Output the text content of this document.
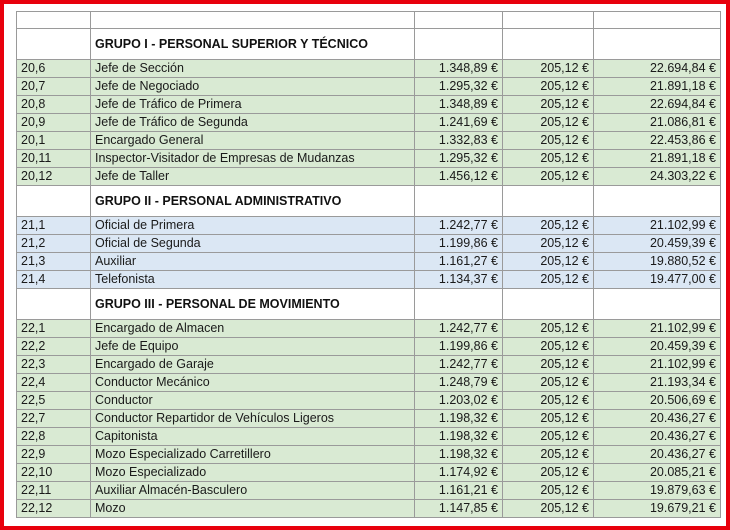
	GRUPO I - PERSONAL SUPERIOR Y TÉCNICO			
20,6	Jefe de Sección	1.348,89 €	205,12 €	22.694,84 €
20,7	Jefe de Negociado	1.295,32 €	205,12 €	21.891,18 €
20,8	Jefe de Tráfico de Primera	1.348,89 €	205,12 €	22.694,84 €
20,9	Jefe de Tráfico de Segunda	1.241,69 €	205,12 €	21.086,81 €
20,1	Encargado General	1.332,83 €	205,12 €	22.453,86 €
20,11	Inspector-Visitador de Empresas de Mudanzas	1.295,32 €	205,12 €	21.891,18 €
20,12	Jefe de Taller	1.456,12 €	205,12 €	24.303,22 €
	GRUPO II - PERSONAL ADMINISTRATIVO			
21,1	Oficial de Primera	1.242,77 €	205,12 €	21.102,99 €
21,2	Oficial de Segunda	1.199,86 €	205,12 €	20.459,39 €
21,3	Auxiliar	1.161,27 €	205,12 €	19.880,52 €
21,4	Telefonista	1.134,37 €	205,12 €	19.477,00 €
	GRUPO III - PERSONAL DE MOVIMIENTO			
22,1	Encargado de Almacen	1.242,77 €	205,12 €	21.102,99 €
22,2	Jefe de Equipo	1.199,86 €	205,12 €	20.459,39 €
22,3	Encargado de Garaje	1.242,77 €	205,12 €	21.102,99 €
22,4	Conductor Mecánico	1.248,79 €	205,12 €	21.193,34 €
22,5	Conductor	1.203,02 €	205,12 €	20.506,69 €
22,7	Conductor Repartidor de Vehículos Ligeros	1.198,32 €	205,12 €	20.436,27 €
22,8	Capitonista	1.198,32 €	205,12 €	20.436,27 €
22,9	Mozo Especializado Carretillero	1.198,32 €	205,12 €	20.436,27 €
22,10	Mozo Especializado	1.174,92 €	205,12 €	20.085,21 €
22,11	Auxiliar Almacén-Basculero	1.161,21 €	205,12 €	19.879,63 €
22,12	Mozo	1.147,85 €	205,12 €	19.679,21 €
